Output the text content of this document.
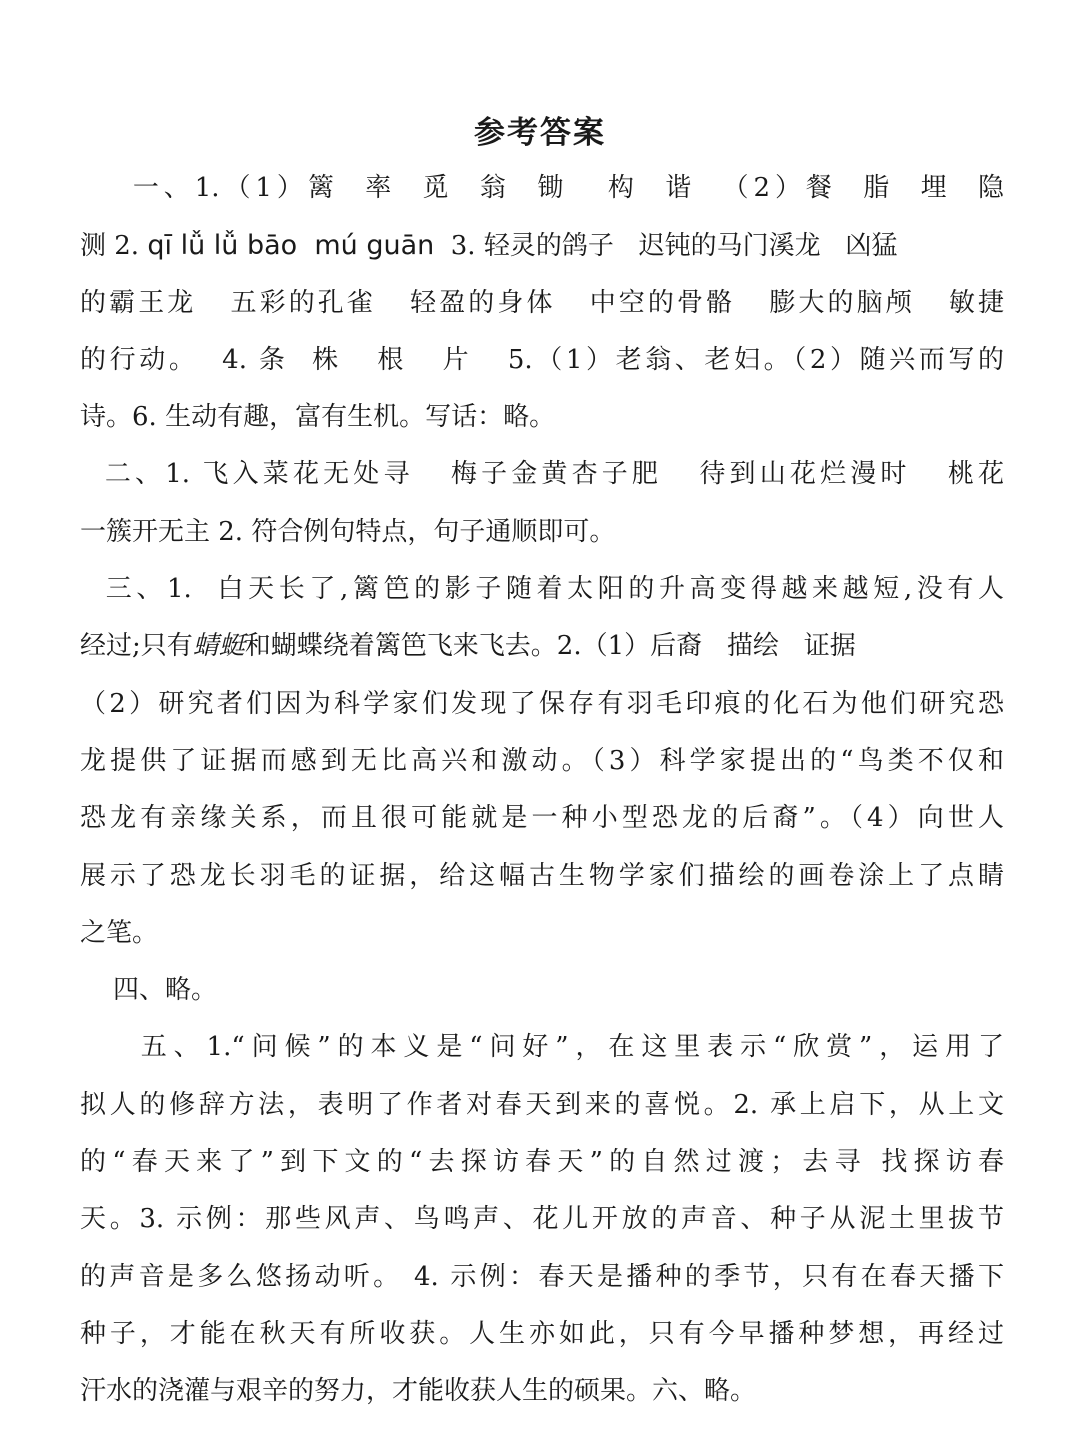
参考答案
一、1.（1）篱  率  觅  翁  锄   构  谐  （2）餐  脂  埋  隐
测 2. qī lǚ lǚ bāo  mú guān  3. 轻灵的鸽子   迟钝的马门溪龙   凶猛
的霸王龙   五彩的孔雀   轻盈的身体   中空的骨骼   膨大的脑颅   敏捷
的行动。  4. 条  株   根   片   5.（1）老翁、老妇。（2）随兴而写的
诗。6. 生动有趣，富有生机。写话：略。
二、1. 飞入菜花无处寻   梅子金黄杏子肥   待到山花烂漫时   桃花
一簇开无主 2. 符合例句特点，句子通顺即可。
三、1.  白天长了,篱笆的影子随着太阳的升高变得越来越短,没有人
经过;只有蜻蜓和蝴蝶绕着篱笆飞来飞去。2.（1）后裔   描绘   证据
（2）研究者们因为科学家们发现了保存有羽毛印痕的化石为他们研究恐
龙提供了证据而感到无比高兴和激动。（3）科学家提出的“鸟类不仅和
恐龙有亲缘关系，而且很可能就是一种小型恐龙的后裔”。（4）向世人
展示了恐龙长羽毛的证据，给这幅古生物学家们描绘的画卷涂上了点睛
之笔。
四、略。
五、1.“问候”的本义是“问好”，在这里表示“欣赏”，运用了
拟人的修辞方法，表明了作者对春天到来的喜悦。2. 承上启下，从上文
的“春天来了”到下文的“去探访春天”的自然过渡；去寻 找探访春
天。3. 示例：那些风声、鸟鸣声、花儿开放的声音、种子从泥土里拔节
的声音是多么悠扬动听。 4. 示例：春天是播种的季节，只有在春天播下
种子，才能在秋天有所收获。人生亦如此，只有今早播种梦想，再经过
汗水的浇灌与艰辛的努力，才能收获人生的硕果。六、略。
